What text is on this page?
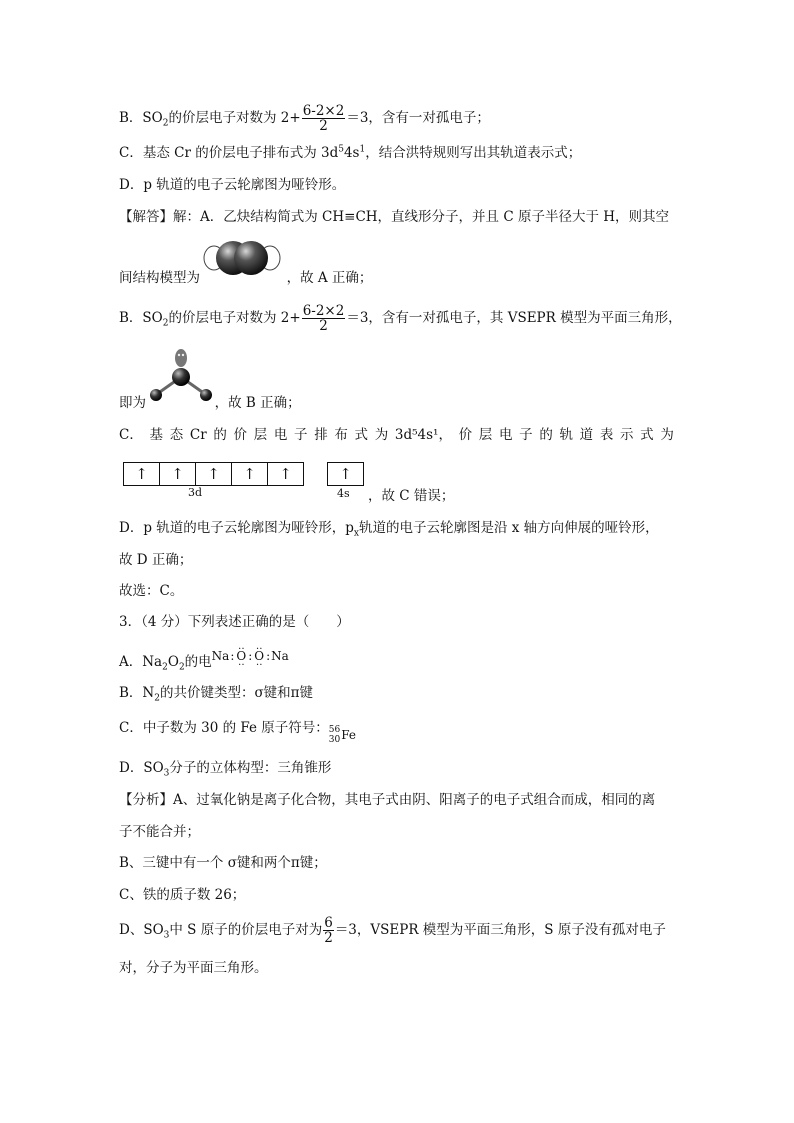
B．$SO_2$的价层电子对数为 $2+ \frac{6-2\times 2}{2} =3$，含有一对孤电子；
C．基态 Cr 的价层电子排布式为 $3d^54s^1$，结合洪特规则写出其轨道表示式；
D．p 轨道的电子云轮廓图为哑铃形。
【解答】解：A．乙炔结构简式为 CH≡CH，直线形分子，并且 C 原子半径大于 H，则其空
间结构模型为	，故 A 正确；
B．$SO_2$的价层电子对数为 $2+ \frac{6-2\times 2}{2} =3$，含有一对孤电子，其 VSEPR 模型为平面三角形，
即为	，故 B 正确；
C． 基 态 Cr 的 价 层 电 子 排 布 式 为 3d⁵4s¹， 价 层 电 子 的 轨 道 表 示 式 为
↑	↑	↑	↑	↑	↑
3d	4s ，故 C 错误；
D．p 轨道的电子云轮廓图为哑铃形，$p_x$轨道的电子云轮廓图是沿 x 轴方向伸展的哑铃形，
故 D 正确；
故选：C。
3．（4 分）下列表述正确的是（　　）
A．$Na_2O_2$的电 Na : ‥ O ‥ : ‥ O ‥ : Na
B．$N_2$的共价键类型：σ键和π键
C．中子数为 30 的 Fe 原子符号： 56
30 Fe
D．$SO_3$分子的立体构型：三角锥形
【分析】A、过氧化钠是离子化合物，其电子式由阴、阳离子的电子式组合而成，相同的离
子不能合并；
B、三键中有一个 σ键和两个π键；
C、铁的质子数 26；
D、$SO_3$中 S 原子的价层电子对为 $\frac{6}{2} =3$，VSEPR 模型为平面三角形，S 原子没有孤对电子
对，分子为平面三角形。
